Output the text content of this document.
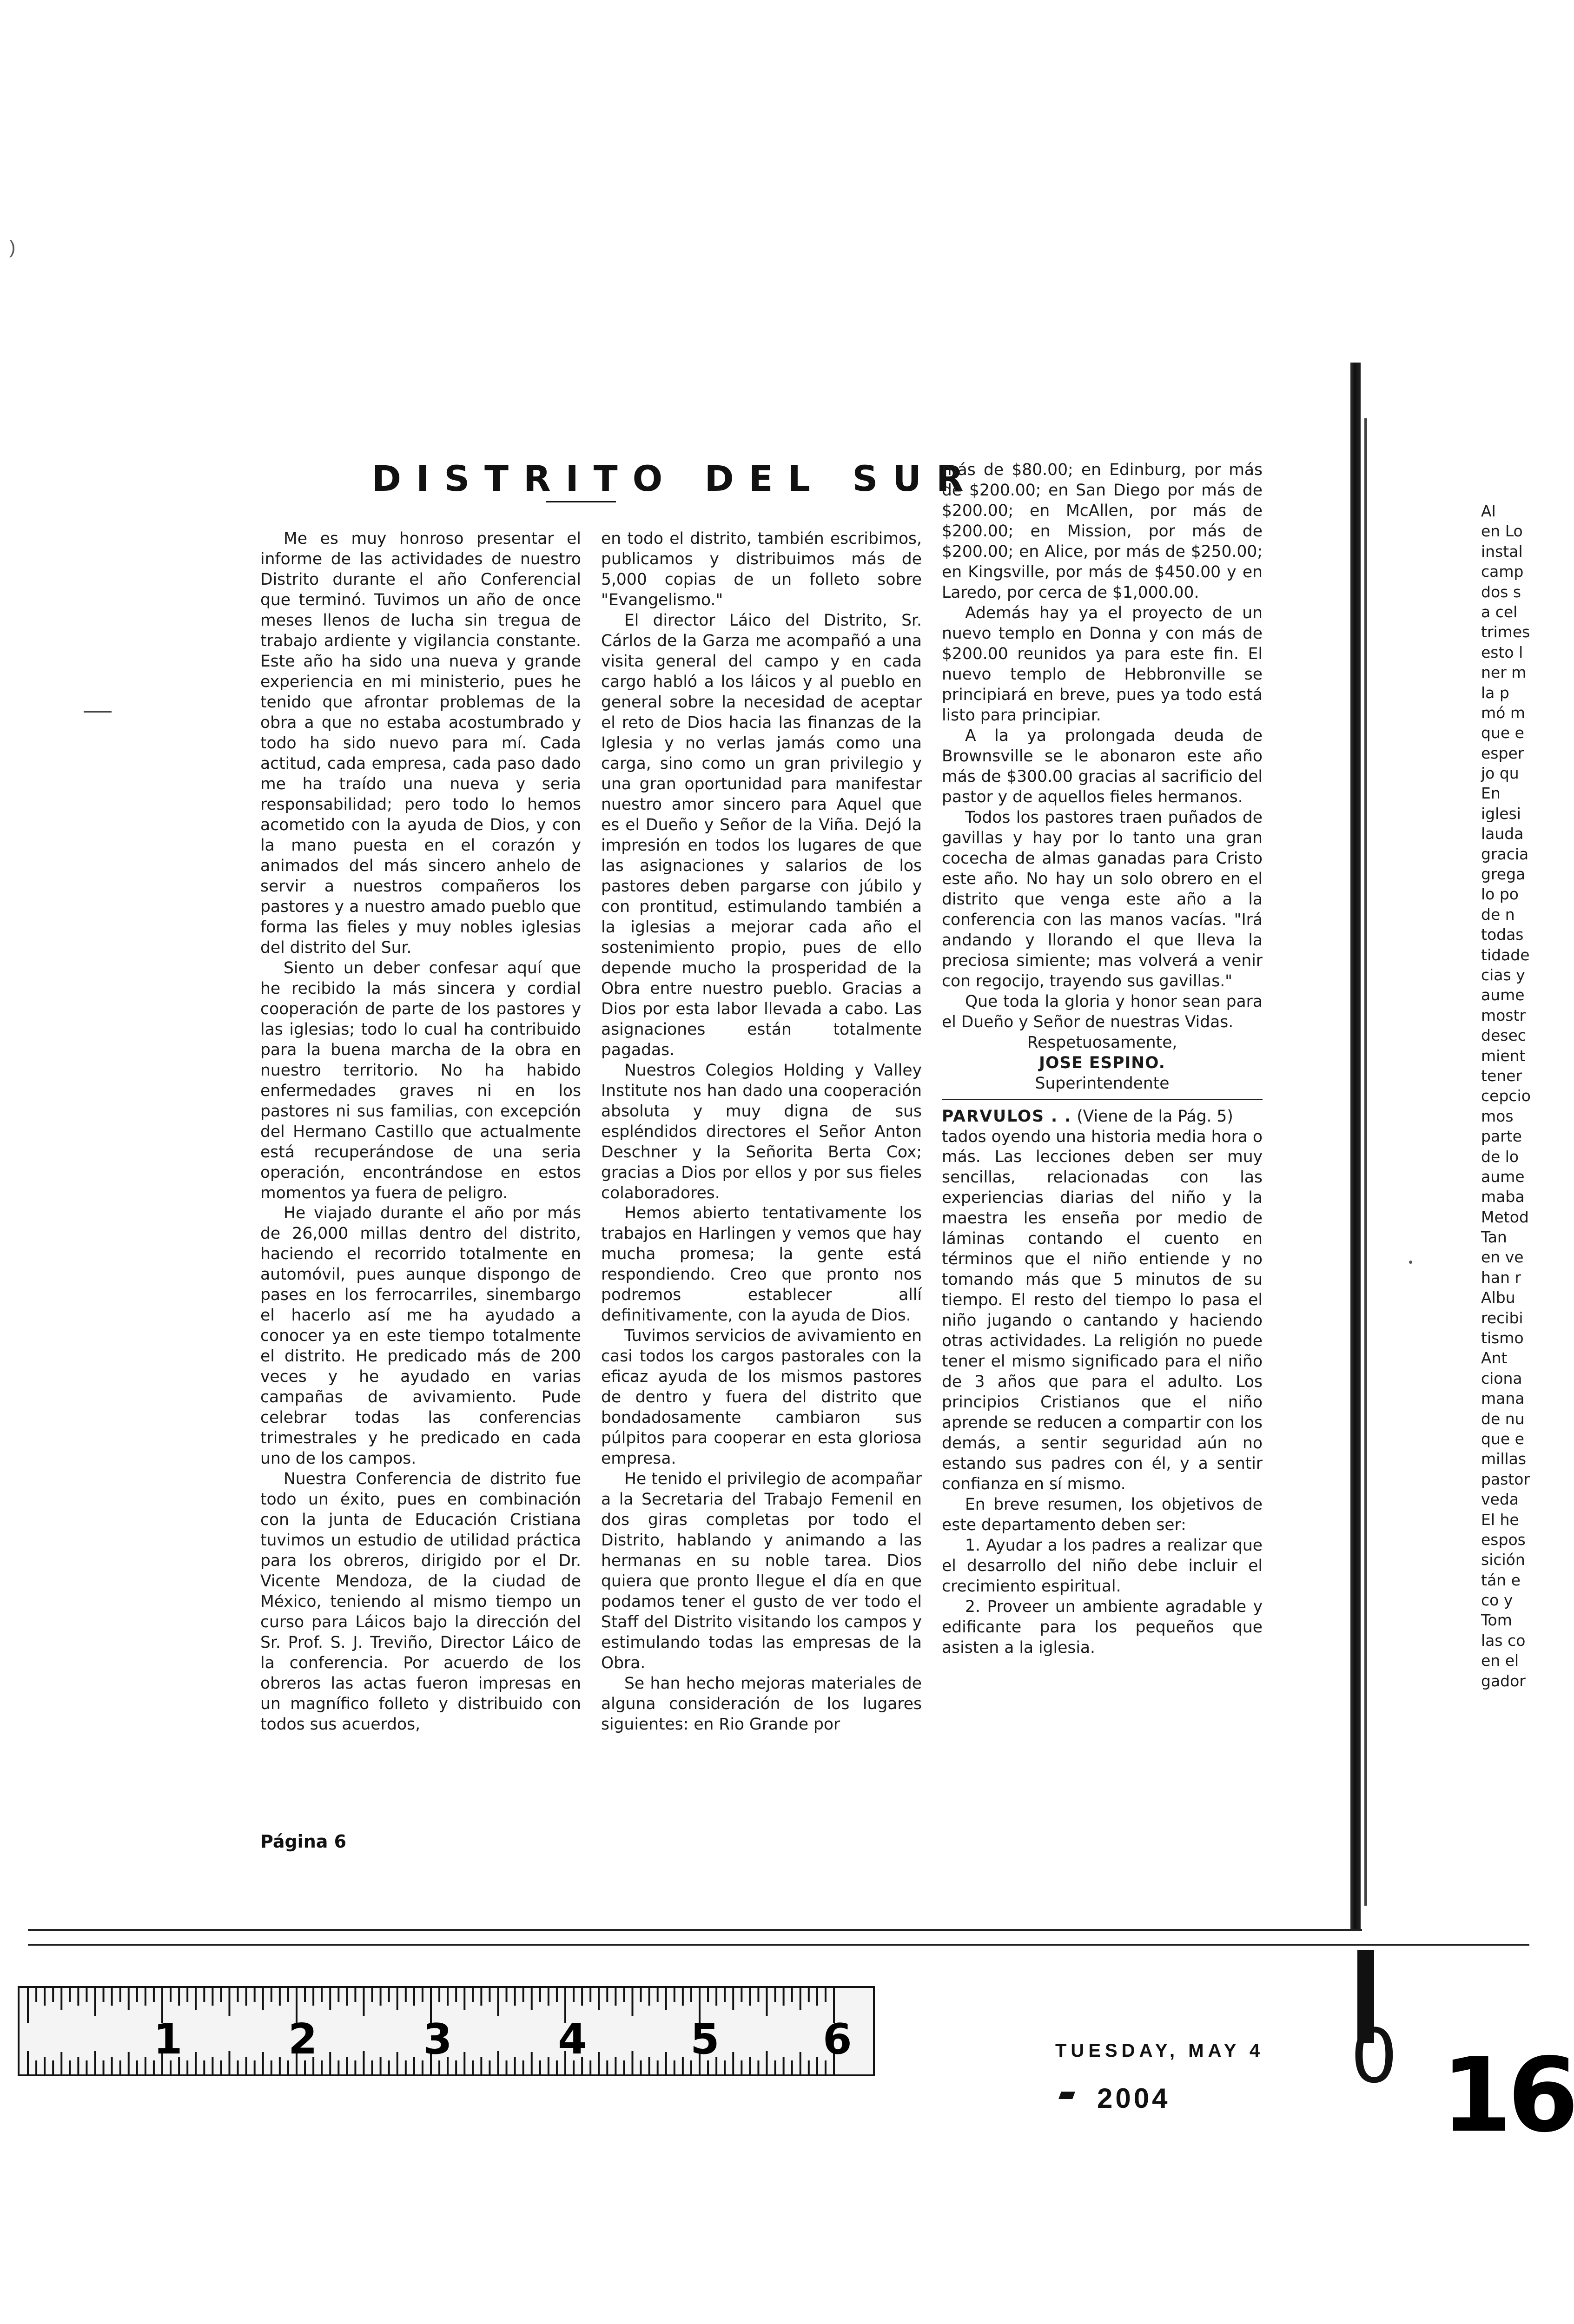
DISTRITO DEL SUR

Me es muy honroso presentar el informe de las actividades de nuestro Distrito durante el año Conferencial que terminó. Tuvimos un año de once meses llenos de lucha sin tregua de trabajo ardiente y vigilancia constante. Este año ha sido una nueva y grande experiencia en mi ministerio, pues he tenido que afrontar problemas de la obra a que no estaba acostumbrado y todo ha sido nuevo para mí. Cada actitud, cada empresa, cada paso dado me ha traído una nueva y seria responsabilidad; pero todo lo hemos acometido con la ayuda de Dios, y con la mano puesta en el corazón y animados del más sincero anhelo de servir a nuestros compañeros los pastores y a nuestro amado pueblo que forma las fieles y muy nobles iglesias del distrito del Sur.

Siento un deber confesar aquí que he recibido la más sincera y cordial cooperación de parte de los pastores y las iglesias; todo lo cual ha contribuido para la buena marcha de la obra en nuestro territorio. No ha habido enfermedades graves ni en los pastores ni sus familias, con excepción del Hermano Castillo que actualmente está recuperándose de una seria operación, encontrándose en estos momentos ya fuera de peligro.

He viajado durante el año por más de 26,000 millas dentro del distrito, haciendo el recorrido totalmente en automóvil, pues aunque dispongo de pases en los ferrocarriles, sinembargo el hacerlo así me ha ayudado a conocer ya en este tiempo totalmente el distrito. He predicado más de 200 veces y he ayudado en varias campañas de avivamiento. Pude celebrar todas las conferencias trimestrales y he predicado en cada uno de los campos.

Nuestra Conferencia de distrito fue todo un éxito, pues en combinación con la junta de Educación Cristiana tuvimos un estudio de utilidad práctica para los obreros, dirigido por el Dr. Vicente Mendoza, de la ciudad de México, teniendo al mismo tiempo un curso para Láicos bajo la dirección del Sr. Prof. S. J. Treviño, Director Láico de la conferencia. Por acuerdo de los obreros las actas fueron impresas en un magnífico folleto y distribuido con todos sus acuerdos,

en todo el distrito, también escribimos, publicamos y distribuimos más de 5,000 copias de un folleto sobre "Evangelismo."

El director Láico del Distrito, Sr. Cárlos de la Garza me acompañó a una visita general del campo y en cada cargo habló a los láicos y al pueblo en general sobre la necesidad de aceptar el reto de Dios hacia las finanzas de la Iglesia y no verlas jamás como una carga, sino como un gran privilegio y una gran oportunidad para manifestar nuestro amor sincero para Aquel que es el Dueño y Señor de la Viña. Dejó la impresión en todos los lugares de que las asignaciones y salarios de los pastores deben pargarse con júbilo y con prontitud, estimulando también a la iglesias a mejorar cada año el sostenimiento propio, pues de ello depende mucho la prosperidad de la Obra entre nuestro pueblo. Gracias a Dios por esta labor llevada a cabo. Las asignaciones están totalmente pagadas.

Nuestros Colegios Holding y Valley Institute nos han dado una cooperación absoluta y muy digna de sus espléndidos directores el Señor Anton Deschner y la Señorita Berta Cox; gracias a Dios por ellos y por sus fieles colaboradores.

Hemos abierto tentativamente los trabajos en Harlingen y vemos que hay mucha promesa; la gente está respondiendo. Creo que pronto nos podremos establecer allí definitivamente, con la ayuda de Dios.

Tuvimos servicios de avivamiento en casi todos los cargos pastorales con la eficaz ayuda de los mismos pastores de dentro y fuera del distrito que bondadosamente cambiaron sus púlpitos para cooperar en esta gloriosa empresa.

He tenido el privilegio de acompañar a la Secretaria del Trabajo Femenil en dos giras completas por todo el Distrito, hablando y animando a las hermanas en su noble tarea. Dios quiera que pronto llegue el día en que podamos tener el gusto de ver todo el Staff del Distrito visitando los campos y estimulando todas las empresas de la Obra.

Se han hecho mejoras materiales de alguna consideración de los lugares siguientes: en Rio Grande por

más de $80.00; en Edinburg, por más de $200.00; en San Diego por más de $200.00; en McAllen, por más de $200.00; en Mission, por más de $200.00; en Alice, por más de $250.00; en Kingsville, por más de $450.00 y en Laredo, por cerca de $1,000.00.

Además hay ya el proyecto de un nuevo templo en Donna y con más de $200.00 reunidos ya para este fin. El nuevo templo de Hebbronville se principiará en breve, pues ya todo está listo para principiar.

A la ya prolongada deuda de Brownsville se le abonaron este año más de $300.00 gracias al sacrificio del pastor y de aquellos fieles hermanos.

Todos los pastores traen puñados de gavillas y hay por lo tanto una gran cocecha de almas ganadas para Cristo este año. No hay un solo obrero en el distrito que venga este año a la conferencia con las manos vacías. "Irá andando y llorando el que lleva la preciosa simiente; mas volverá a venir con regocijo, trayendo sus gavillas."

Que toda la gloria y honor sean para el Dueño y Señor de nuestras Vidas.

Respetuosamente,

JOSE ESPINO.

Superintendente

PARVULOS . . (Viene de la Pág. 5)

tados oyendo una historia media hora o más. Las lecciones deben ser muy sencillas, relacionadas con las experiencias diarias del niño y la maestra les enseña por medio de láminas contando el cuento en términos que el niño entiende y no tomando más que 5 minutos de su tiempo. El resto del tiempo lo pasa el niño jugando o cantando y haciendo otras actividades. La religión no puede tener el mismo significado para el niño de 3 años que para el adulto. Los principios Cristianos que el niño aprende se reducen a compartir con los demás, a sentir seguridad aún no estando sus padres con él, y a sentir confianza en sí mismo.

En breve resumen, los objetivos de este departamento deben ser:

1. Ayudar a los padres a realizar que el desarrollo del niño debe incluir el crecimiento espiritual.

2. Proveer un ambiente agradable y edificante para los pequeños que asisten a la iglesia.

Página 6
Al
en Lo
instal
camp
dos s
a cel
trimes
esto l
ner m
la p
mó m
que e
esper
jo qu
En
iglesi
lauda
gracia
grega
lo po
de n
todas
tidade
cias y
aume
mostr
desec
mient
tener
cepcio
mos
parte
de lo
aume
maba
Metod
Tan
en ve
han r
Albu
recibi
tismo
Ant
ciona
mana
de nu
que e
millas
pastor
veda
El he
espos
sición
tán e
co y
Tom
las co
en el
gador
)
•
1	2	3	4 5 6	TUESDAY, MAY 4
2004 0 16
